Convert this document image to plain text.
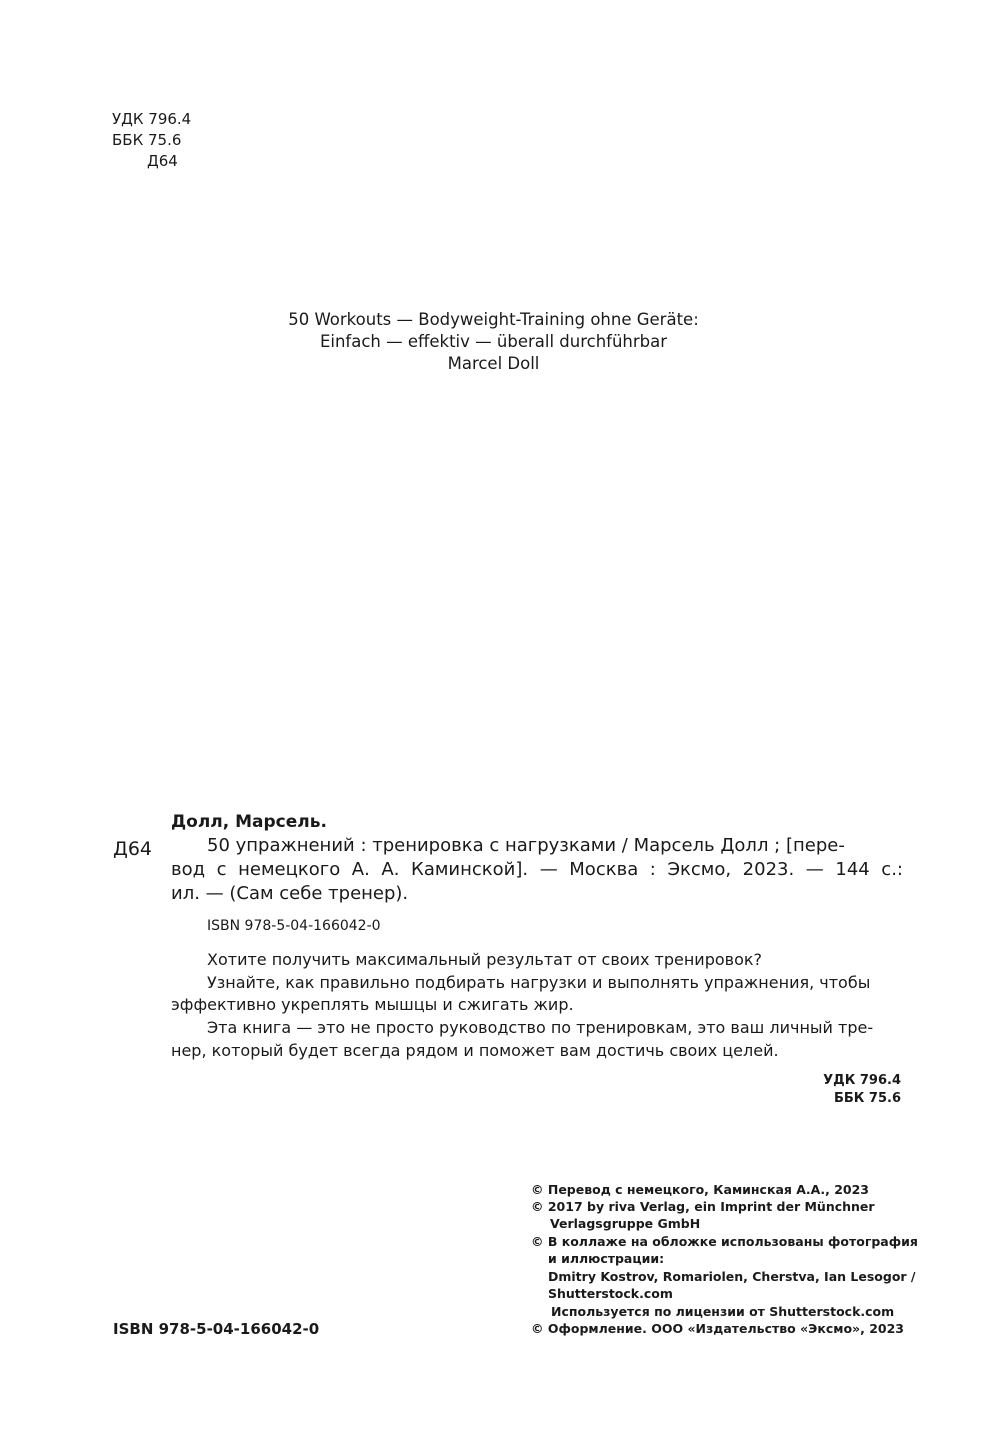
УДК 796.4
ББК 75.6
Д64
50 Workouts — Bodyweight-Training ohne Geräte:
Einfach — effektiv — überall durchführbar
Marcel Doll
Долл, Марсель.
Д64	50 упражнений : тренировка с нагрузками / Марсель Долл ; [пере-
вод с немецкого А. А. Каминской]. — Москва : Эксмо, 2023. — 144 с.:
ил. — (Сам себе тренер).
ISBN 978-5-04-166042-0
Хотите получить максимальный результат от своих тренировок?
Узнайте, как правильно подбирать нагрузки и выполнять упражнения, чтобы
эффективно укреплять мышцы и сжигать жир.
Эта книга — это не просто руководство по тренировкам, это ваш личный тре-
нер, который будет всегда рядом и поможет вам достичь своих целей.
УДК 796.4
ББК 75.6
© Перевод с немецкого, Каминская А.А., 2023
© 2017 by riva Verlag, ein Imprint der Münchner
Verlagsgruppe GmbH
© В коллаже на обложке использованы фотография
и иллюстрации:
Dmitry Kostrov, Romariolen, Cherstva, Ian Lesogor /
Shutterstock.com
Используется по лицензии от Shutterstock.com
© Оформление. ООО «Издательство «Эксмо», 2023
ISBN 978-5-04-166042-0
